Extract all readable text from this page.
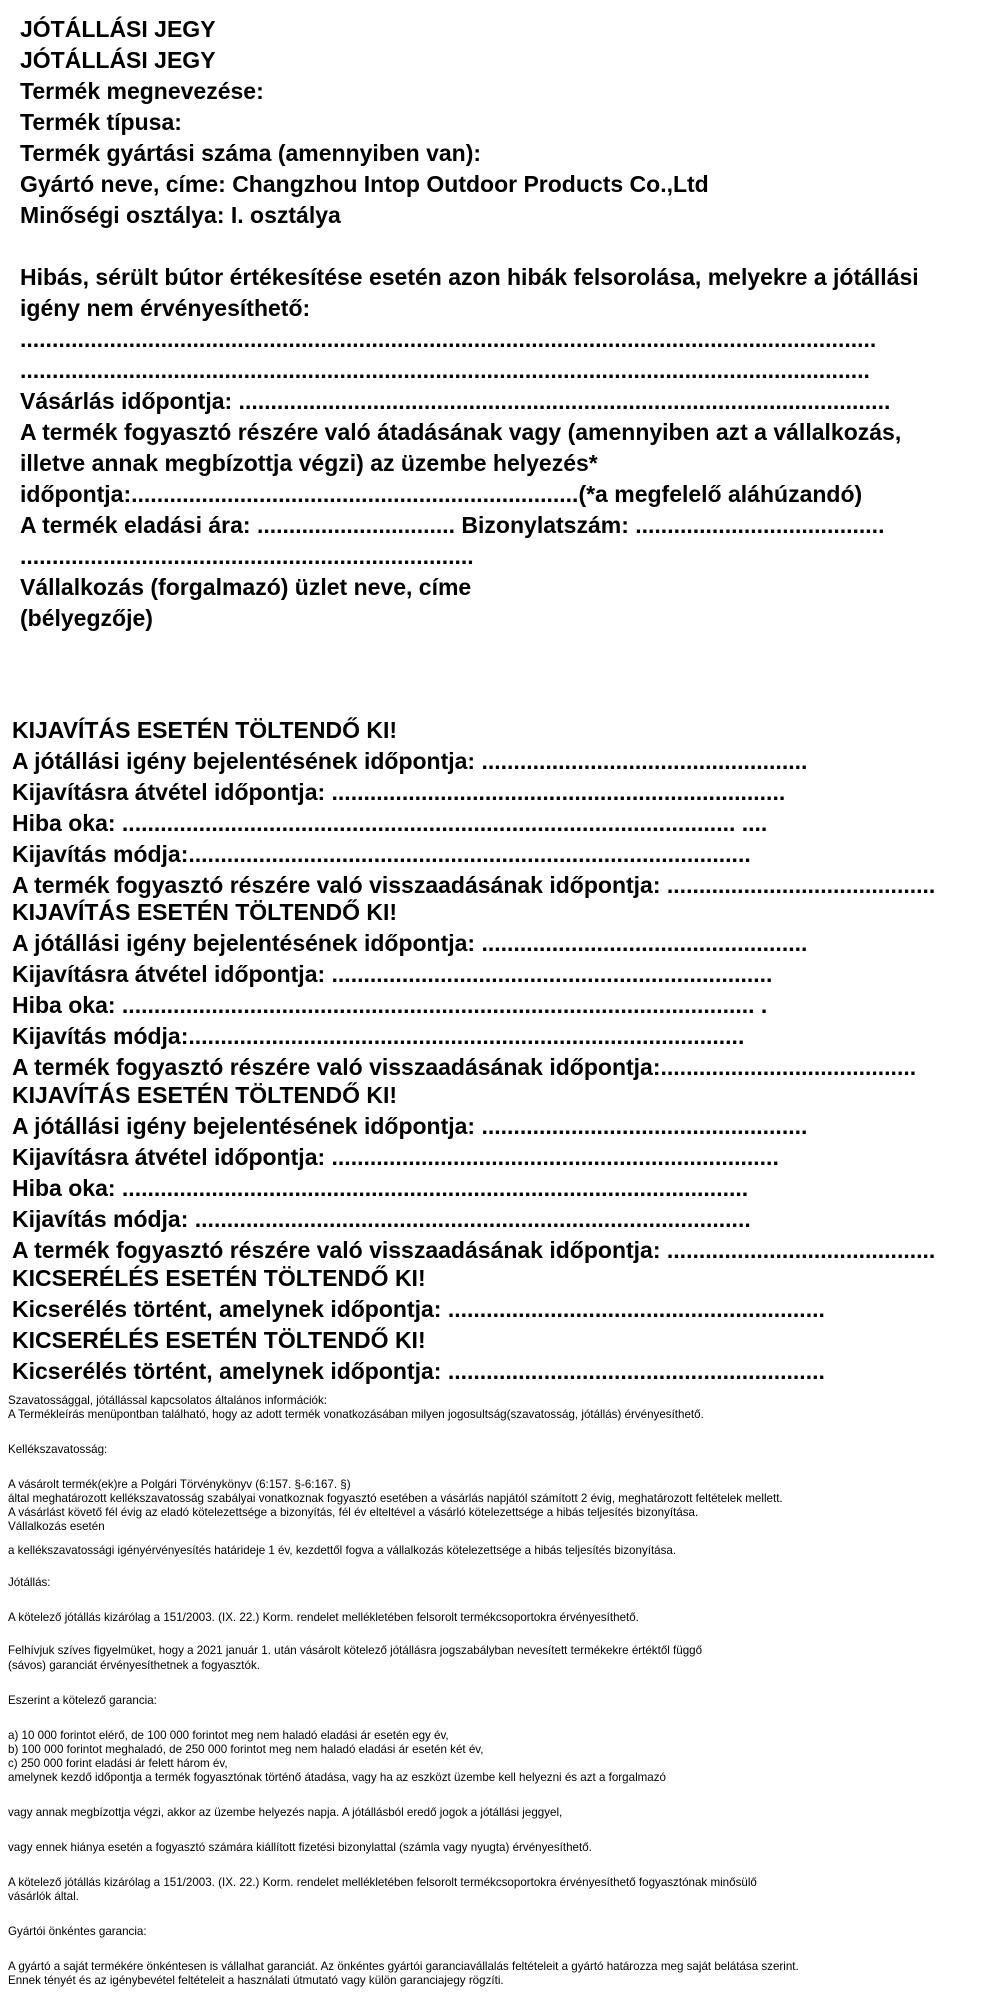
JÓTÁLLÁSI JEGY

JÓTÁLLÁSI JEGY

Termék megnevezése:

Termék típusa:

Termék gyártási száma (amennyiben van):

Gyártó neve, címe: Changzhou Intop Outdoor Products Co.,Ltd

Minőségi osztálya: I. osztálya

Hibás, sérült bútor értékesítése esetén azon hibák felsorolása, melyekre a jótállási

igény nem érvényesíthető:

......................................................................................................................................

.....................................................................................................................................

Vásárlás időpontja: ......................................................................................................

A termék fogyasztó részére való átadásának vagy (amennyiben azt a vállalkozás,

illetve annak megbízottja végzi) az üzembe helyezés*

időpontja:......................................................................(*a megfelelő aláhúzandó)

A termék eladási ára: ............................... Bizonylatszám: .......................................

.......................................................................

Vállalkozás (forgalmazó) üzlet neve, címe

(bélyegzője)

KIJAVÍTÁS ESETÉN TÖLTENDŐ KI!

A jótállási igény bejelentésének időpontja: ...................................................

Kijavításra átvétel időpontja: .......................................................................

Hiba oka: ................................................................................................ ....

Kijavítás módja:........................................................................................

A termék fogyasztó részére való visszaadásának időpontja: ..........................................

KIJAVÍTÁS ESETÉN TÖLTENDŐ KI!

A jótállási igény bejelentésének időpontja: ...................................................

Kijavításra átvétel időpontja: .....................................................................

Hiba oka: ................................................................................................... .

Kijavítás módja:.......................................................................................

A termék fogyasztó részére való visszaadásának időpontja:........................................

KIJAVÍTÁS ESETÉN TÖLTENDŐ KI!

A jótállási igény bejelentésének időpontja: ...................................................

Kijavításra átvétel időpontja: ......................................................................

Hiba oka: ..................................................................................................

Kijavítás módja: .......................................................................................

A termék fogyasztó részére való visszaadásának időpontja: ..........................................

KICSERÉLÉS ESETÉN TÖLTENDŐ KI!

Kicserélés történt, amelynek időpontja: ...........................................................

KICSERÉLÉS ESETÉN TÖLTENDŐ KI!

Kicserélés történt, amelynek időpontja: ...........................................................

Szavatossággal, jótállással kapcsolatos általános információk:

A Termékleírás menüpontban található, hogy az adott termék vonatkozásában milyen jogosultság(szavatosság, jótállás) érvényesíthető.

Kellékszavatosság:

A vásárolt termék(ek)re a Polgári Törvénykönyv (6:157. §-6:167. §)

által meghatározott kellékszavatosság szabályai vonatkoznak fogyasztó esetében a vásárlás napjától számított 2 évig, meghatározott feltételek mellett.

A vásárlást követő fél évig az eladó kötelezettsége a bizonyítás, fél év elteltével a vásárló kötelezettsége a hibás teljesítés bizonyítása.

Vállalkozás esetén

a kellékszavatossági igényérvényesítés határideje 1 év, kezdettől fogva a vállalkozás kötelezettsége a hibás teljesítés bizonyítása.

Jótállás:

A kötelező jótállás kizárólag a 151/2003. (IX. 22.) Korm. rendelet mellékletében felsorolt termékcsoportokra érvényesíthető.

Felhívjuk szíves figyelmüket, hogy a 2021 január 1. után vásárolt kötelező jótállásra jogszabályban nevesített termékekre értéktől függő

(sávos) garanciát érvényesíthetnek a fogyasztók.

Eszerint a kötelező garancia:

a) 10 000 forintot elérő, de 100 000 forintot meg nem haladó eladási ár esetén egy év,

b) 100 000 forintot meghaladó, de 250 000 forintot meg nem haladó eladási ár esetén két év,

c) 250 000 forint eladási ár felett három év,

amelynek kezdő időpontja a termék fogyasztónak történő átadása, vagy ha az eszközt üzembe kell helyezni és azt a forgalmazó

vagy annak megbízottja végzi, akkor az üzembe helyezés napja. A jótállásból eredő jogok a jótállási jeggyel,

vagy ennek hiánya esetén a fogyasztó számára kiállított fizetési bizonylattal (számla vagy nyugta) érvényesíthető.

A kötelező jótállás kizárólag a 151/2003. (IX. 22.) Korm. rendelet mellékletében felsorolt termékcsoportokra érvényesíthető fogyasztónak minősülő

vásárlók által.

Gyártói önkéntes garancia:

A gyártó a saját termékére önkéntesen is vállalhat garanciát. Az önkéntes gyártói garanciavállalás feltételeit a gyártó határozza meg saját belátása szerint.

Ennek tényét és az igénybevétel feltételeit a használati útmutató vagy külön garanciajegy rögzíti.
